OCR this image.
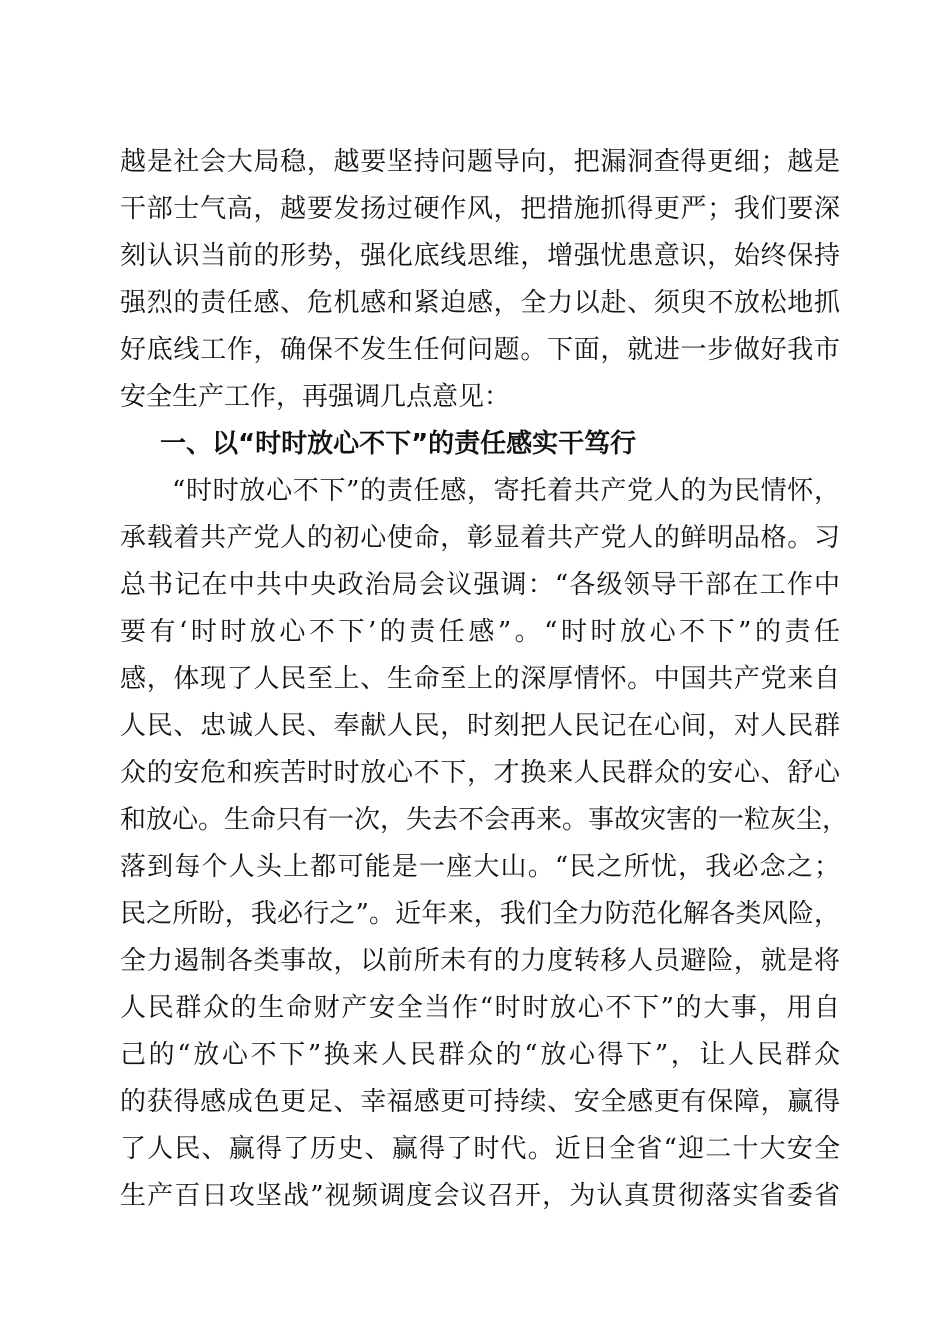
越是社会大局稳，越要坚持问题导向，把漏洞查得更细；越是
干部士气高，越要发扬过硬作风，把措施抓得更严；我们要深
刻认识当前的形势，强化底线思维，增强忧患意识，始终保持
强烈的责任感、危机感和紧迫感，全力以赴、须臾不放松地抓
好底线工作，确保不发生任何问题。下面，就进一步做好我市
安全生产工作，再强调几点意见：
一、以“时时放心不下”的责任感实干笃行
“时时放心不下”的责任感，寄托着共产党人的为民情怀，
承载着共产党人的初心使命，彰显着共产党人的鲜明品格。习
总书记在中共中央政治局会议强调：“各级领导干部在工作中
要有‘时时放心不下’的责任感”。“时时放心不下”的责任
感，体现了人民至上、生命至上的深厚情怀。中国共产党来自
人民、忠诚人民、奉献人民，时刻把人民记在心间，对人民群
众的安危和疾苦时时放心不下，才换来人民群众的安心、舒心
和放心。生命只有一次，失去不会再来。事故灾害的一粒灰尘，
落到每个人头上都可能是一座大山。“民之所忧，我必念之；
民之所盼，我必行之”。近年来，我们全力防范化解各类风险，
全力遏制各类事故，以前所未有的力度转移人员避险，就是将
人民群众的生命财产安全当作“时时放心不下”的大事，用自
己的“放心不下”换来人民群众的“放心得下”，让人民群众
的获得感成色更足、幸福感更可持续、安全感更有保障，赢得
了人民、赢得了历史、赢得了时代。近日全省“迎二十大安全
生产百日攻坚战”视频调度会议召开，为认真贯彻落实省委省
